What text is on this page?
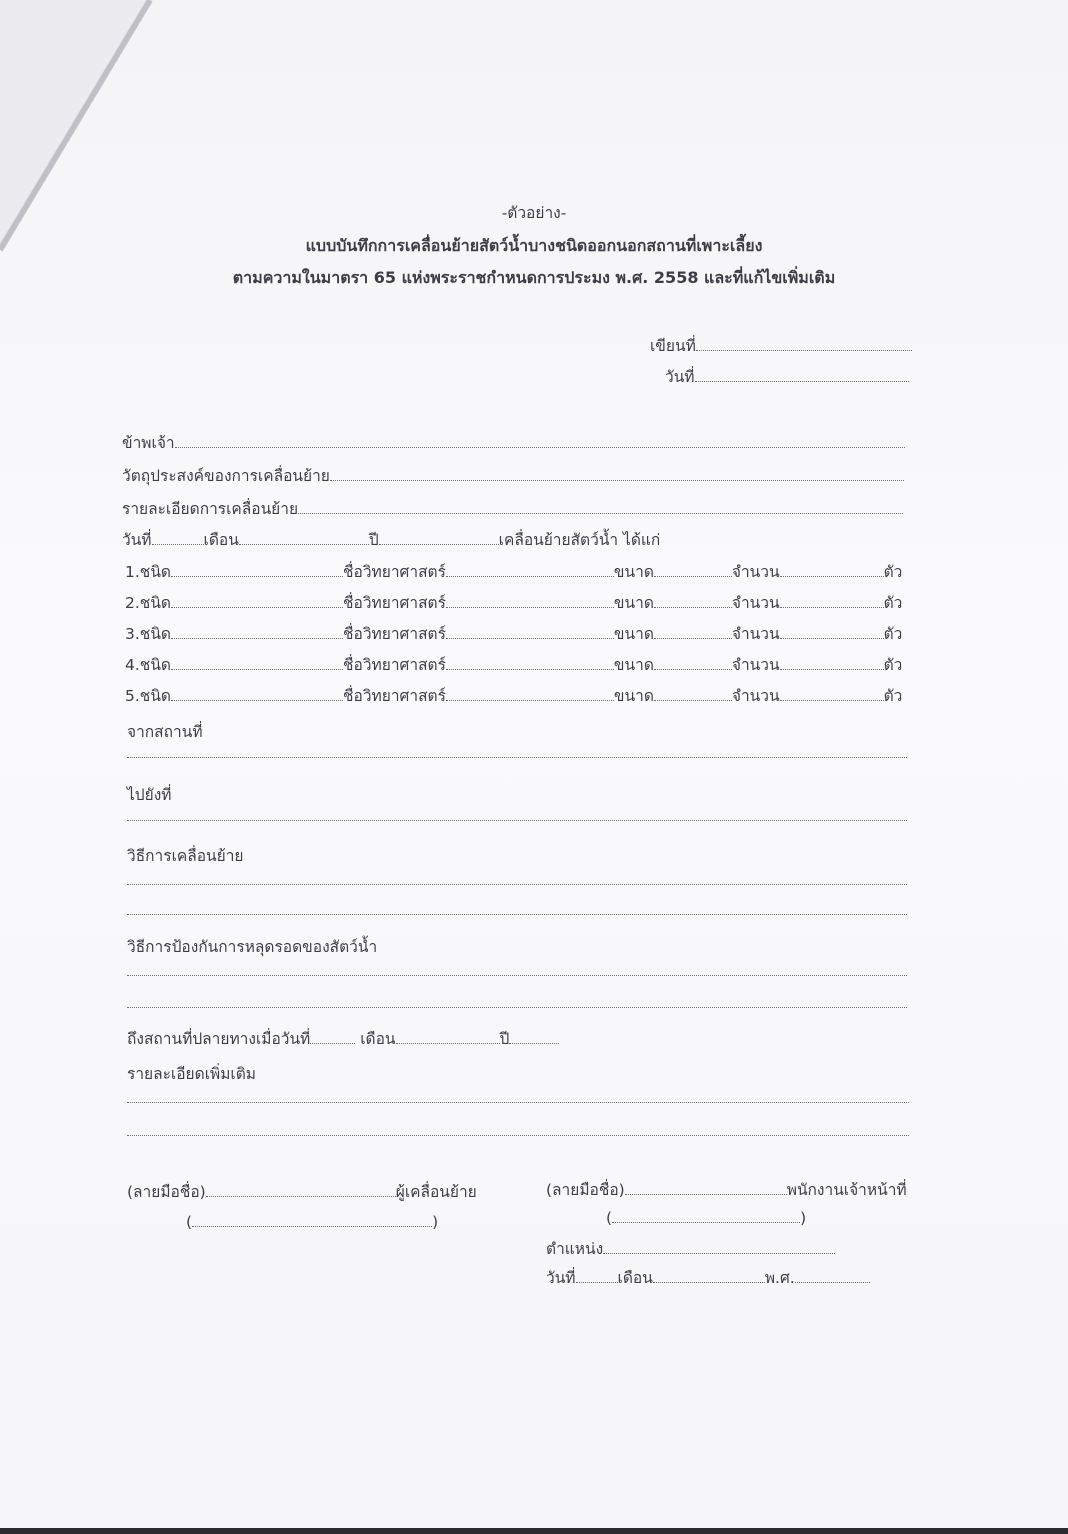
-ตัวอย่าง-
แบบบันทึกการเคลื่อนย้ายสัตว์น้ำบางชนิดออกนอกสถานที่เพาะเลี้ยง
ตามความในมาตรา 65 แห่งพระราชกำหนดการประมง พ.ศ. 2558 และที่แก้ไขเพิ่มเติม
เขียนที่
วันที่
ข้าพเจ้า
วัตถุประสงค์ของการเคลื่อนย้าย
รายละเอียดการเคลื่อนย้าย
วันที่	เดือน	ปี	เคลื่อนย้ายสัตว์น้ำ ได้แก่
1.ชนิด	ชื่อวิทยาศาสตร์	ขนาด	จำนวน	ตัว
2.ชนิด	ชื่อวิทยาศาสตร์	ขนาด	จำนวน	ตัว
3.ชนิด	ชื่อวิทยาศาสตร์	ขนาด	จำนวน	ตัว
4.ชนิด	ชื่อวิทยาศาสตร์	ขนาด	จำนวน	ตัว
5.ชนิด	ชื่อวิทยาศาสตร์	ขนาด	จำนวน	ตัว
จากสถานที่
ไปยังที่
วิธีการเคลื่อนย้าย
วิธีการป้องกันการหลุดรอดของสัตว์น้ำ
ถึงสถานที่ปลายทางเมื่อวันที่	เดือน	ปี
รายละเอียดเพิ่มเติม
(ลายมือชื่อ)	ผู้เคลื่อนย้าย
(	)
(ลายมือชื่อ)	พนักงานเจ้าหน้าที่
(	)
ตำแหน่ง
วันที่	เดือน	พ.ศ.
